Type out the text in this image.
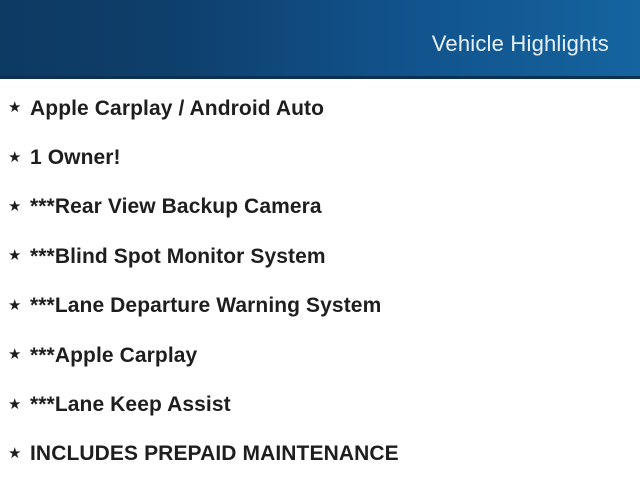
Vehicle Highlights
★ Apple Carplay / Android Auto
★ 1 Owner!
★ ***Rear View Backup Camera
★ ***Blind Spot Monitor System
★ ***Lane Departure Warning System
★ ***Apple Carplay
★ ***Lane Keep Assist
★ INCLUDES PREPAID MAINTENANCE
